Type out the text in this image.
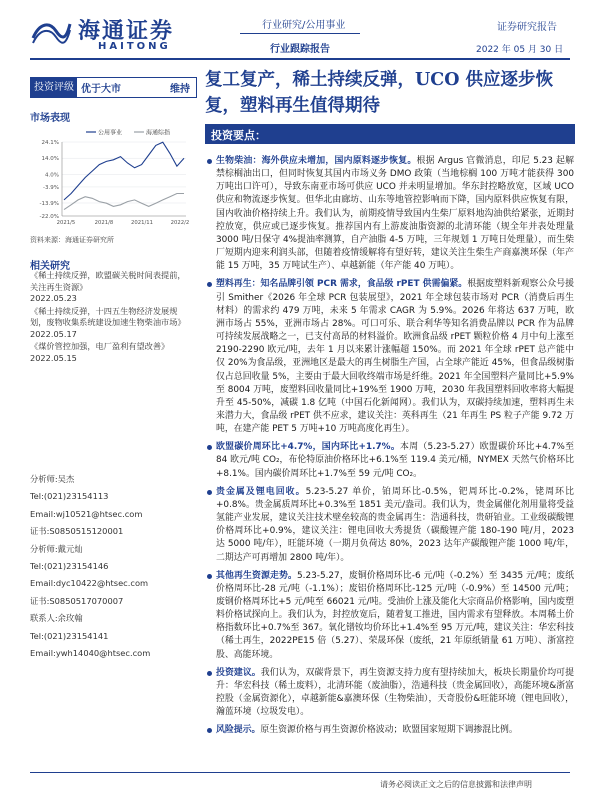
海通证券
HAITONG
行业研究/公用事业
行业跟踪报告
证券研究报告
2022 年 05 月 30 日
投资评级 优于大市	维持 复工复产，稀土持续反弹，UCO 供应逐步恢复，塑料再生值得期待
市场表现
公用事业	海通综指
24.1%
14.0%
4.0%
-3.9%
-13.9%
-22.0%
2021/5	2021/8	2021/11	2022/2
资料来源：海通证券研究所
相关研究
《稀土持续反弹，欧盟碳关税时间表提前，关注再生资源》
2022.05.23
《稀土持续反弹，十四五生物经济发展规划，废物收集系统建设加速生物柴油市场》
2022.05.17
《煤价管控加强，电厂盈利有望改善》
2022.05.15
分析师:吴杰
Tel:(021)23154113
Email:wj10521@htsec.com
证书:S0850515120001
分析师:戴元灿
Tel:(021)23154146
Email:dyc10422@htsec.com
证书:S0850517070007
联系人:余玫翰
Tel:(021)23154141
Email:ywh14040@htsec.com
投资要点：
生物柴油：海外供应未增加，国内原料逐步恢复。根据 Argus 官微消息，印尼 5.23 起解禁棕榈油出口，但同时恢复其国内市场义务 DMO 政策（当地棕榈 100 万吨才能获得 300 万吨出口许可），导致东南亚市场可供应 UCO 并未明显增加。华东封控略放宽，区域 UCO 供应和物流逐步恢复。但华北由廊坊、山东等地管控影响而下降，国内原料供应恢复有限，国内收油价格持续上升。我们认为，前期疫情导致国内生柴厂原料地沟油供给紧张，近期封控放宽，供应或已逐步恢复。推荐国内有上游废油脂资源的北清环能（规全年并表处理量 3000 吨/日保守 4%提油率测算，自产油脂 4-5 万吨，三年规划 1 万吨日处理量），而生柴厂短期内迎来利润头部，但随着疫情缓解将有望好转，建议关注生柴生产商嘉澳环保（年产能 15 万吨，35 万吨试生产）、卓越新能（年产能 40 万吨）。
塑料再生：知名品牌引领 PCR 需求，食品级 rPET 供需偏紧。根据废塑料新观察公众号援引 Smither《2026 年全球 PCR 包装展望》，2021 年全球包装市场对 PCR（消费后再生材料）的需求约 479 万吨，未来 5 年需求 CAGR 为 5.9%。2026 年将达 637 万吨，欧洲市场占 55%，亚洲市场占 28%。可口可乐、联合利华等知名消费品牌以 PCR 作为品牌可持续发展战略之一，已支付高昂的材料溢价。欧洲食品级 rPET 颗粒价格 4 月中旬上涨至 2190-2290 欧元/吨，去年 1 月以来累计涨幅超 150%。而 2021 年全球 rPET 总产能中仅 20%为食品级，亚洲地区是最大的再生树脂生产国，占全球产能近 45%，但食品级树脂仅占总回收量 5%，主要由于最大回收终端市场是纤维。2021 年全国塑料产量同比+5.9%至 8004 万吨，废塑料回收量同比+19%至 1900 万吨，2030 年我国塑料回收率将大幅提升至 45-50%，减碳 1.8 亿吨（中国石化新闻网）。我们认为，双碳持续加速，塑料再生未来潜力大，食品级 rPET 供不应求，建议关注：英科再生（21 年再生 PS 粒子产能 9.72 万吨，在建产能 PET 5 万吨+10 万吨高度化再生）。
欧盟碳价周环比+4.7%，国内环比+1.7%。本周（5.23-5.27）欧盟碳价环比+4.7%至 84 欧元/吨 CO₂，布伦特原油价格环比+6.1%至 119.4 美元/桶，NYMEX 天然气价格环比+8.1%。国内碳价周环比+1.7%至 59 元/吨 CO₂。
贵金属及锂电回收。5.23-5.27 单价，铂周环比-0.5%，钯周环比-0.2%，铑周环比+0.8%。贵金属质周环比+0.3%至 1851 美元/盎司。我们认为，贵金属催化剂用量将受益氢能产业发展，建议关注技术壁垒较高的贵金属再生：浩通科技，贵研铂业。工业级碳酸锂价格周环比+0.9%，建议关注：锂电回收大秀提货（碳酸锂产能 180-190 吨/月，2023 达 5000 吨/年），旺能环境（一期月负荷达 80%，2023 达年产碳酸锂产能 1000 吨/年，二期达产可再增加 2800 吨/年）。
其他再生资源走势。5.23-5.27，废铜价格周环比-6 元/吨（-0.2%）至 3435 元/吨；废纸价格周环比-28 元/吨（-1.1%）；废铝价格周环比-125 元/吨（-0.9%）至 14500 元/吨；废钢价格周环比+5 元/吨至 66021 元/吨。受油价上涨及能化大宗商品价格影响，国内废塑料价格试探向上。我们认为，封控放宽后，随着复工推进，国内需求有望释放。本周稀土价格指数环比+0.7%至 367。氧化镨钕均价环比+1.4%至 95 万元/吨，建议关注：华宏科技（稀土再生，2022PE15 倍（5.27）、荣晟环保（废纸，21 年原纸销量 61 万吨）、浙富控股、高能环境。
投资建议。我们认为，双碳背景下，再生资源支持力度有望持续加大，板块长期量价均可提升：华宏科技（稀土废料），北清环能（废油脂），浩通科技（贵金属回收），高能环境&浙富控股（金属资源化），卓越新能&嘉澳环保（生物柴油），天奇股份&旺能环境（锂电回收），瀚蓝环境（垃圾发电）。
风险提示。原生资源价格与再生资源价格波动；欧盟国家短期下调掺混比例。
请务必阅读正文之后的信息披露和法律声明
